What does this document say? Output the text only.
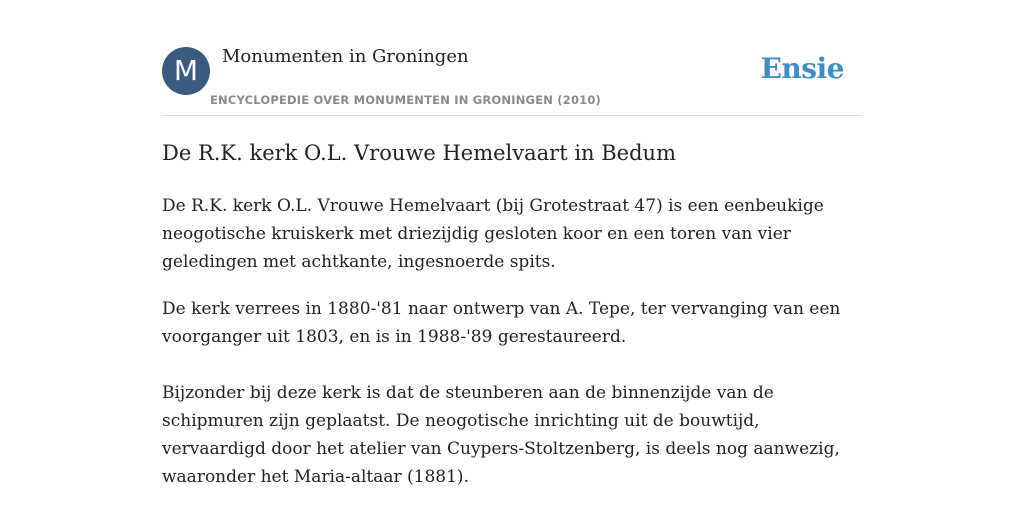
M	Monumenten in Groningen
ENCYCLOPEDIE OVER MONUMENTEN IN GRONINGEN (2010)
Ensie
De R.K. kerk O.L. Vrouwe Hemelvaart in Bedum

De R.K. kerk O.L. Vrouwe Hemelvaart (bij Grotestraat 47) is een eenbeukige neogotische kruiskerk met driezijdig gesloten koor en een toren van vier geledingen met achtkante, ingesnoerde spits.

De kerk verrees in 1880-'81 naar ontwerp van A. Tepe, ter vervanging van een voorganger uit 1803, en is in 1988-'89 gerestaureerd.

Bijzonder bij deze kerk is dat de steunberen aan de binnenzijde van de schipmuren zijn geplaatst. De neogotische inrichting uit de bouwtijd, vervaardigd door het atelier van Cuypers-Stoltzenberg, is deels nog aanwezig, waaronder het Maria-altaar (1881).
